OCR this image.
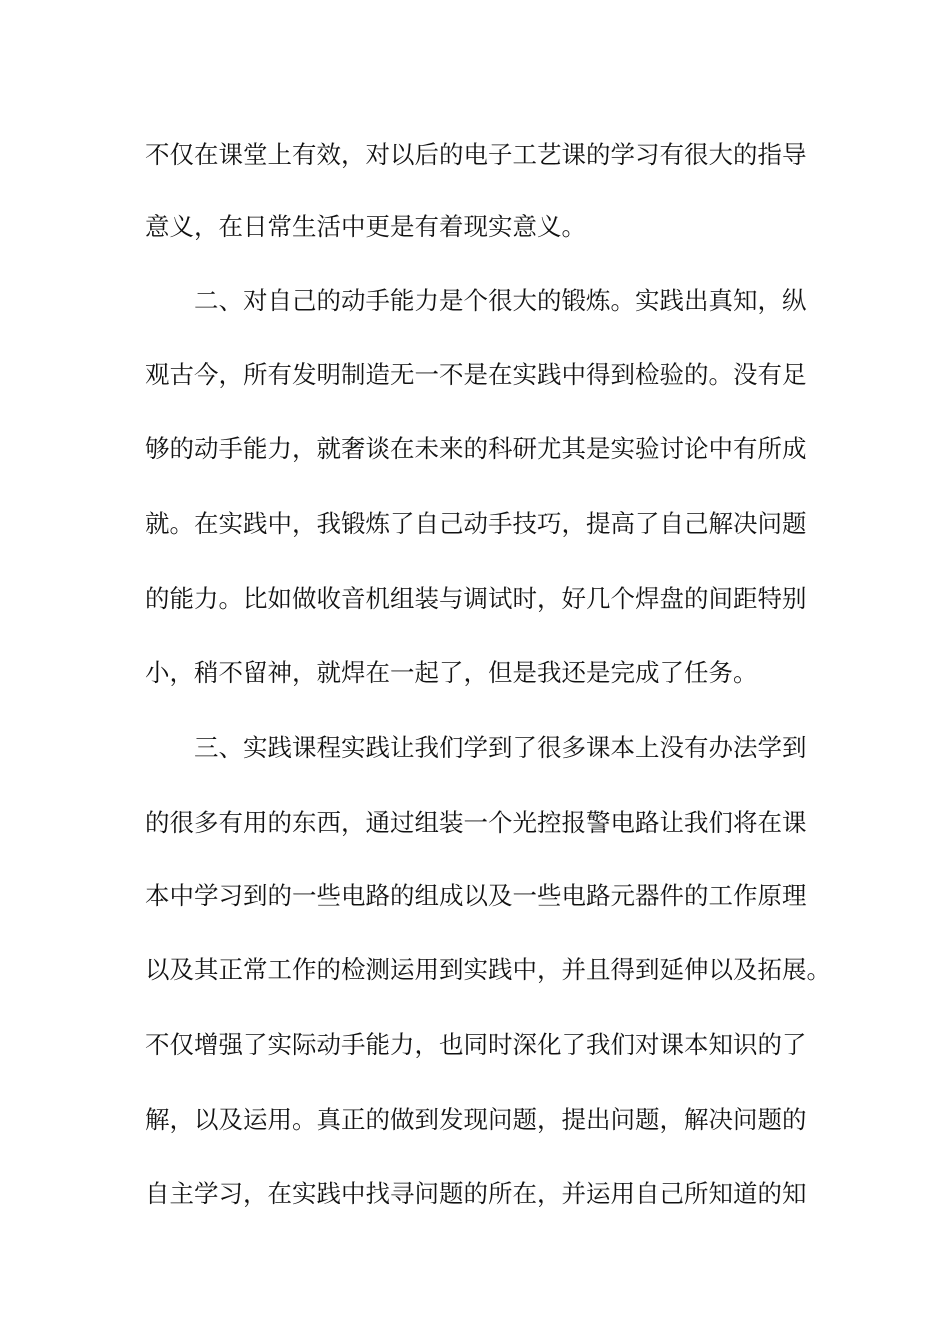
不仅在课堂上有效，对以后的电子工艺课的学习有很大的指导
意义，在日常生活中更是有着现实意义。
二、对自己的动手能力是个很大的锻炼。实践出真知，纵
观古今，所有发明制造无一不是在实践中得到检验的。没有足
够的动手能力，就奢谈在未来的科研尤其是实验讨论中有所成
就。在实践中，我锻炼了自己动手技巧，提高了自己解决问题
的能力。比如做收音机组装与调试时，好几个焊盘的间距特别
小，稍不留神，就焊在一起了，但是我还是完成了任务。
三、实践课程实践让我们学到了很多课本上没有办法学到
的很多有用的东西，通过组装一个光控报警电路让我们将在课
本中学习到的一些电路的组成以及一些电路元器件的工作原理
以及其正常工作的检测运用到实践中，并且得到延伸以及拓展。
不仅增强了实际动手能力，也同时深化了我们对课本知识的了
解，以及运用。真正的做到发现问题，提出问题，解决问题的
自主学习，在实践中找寻问题的所在，并运用自己所知道的知
